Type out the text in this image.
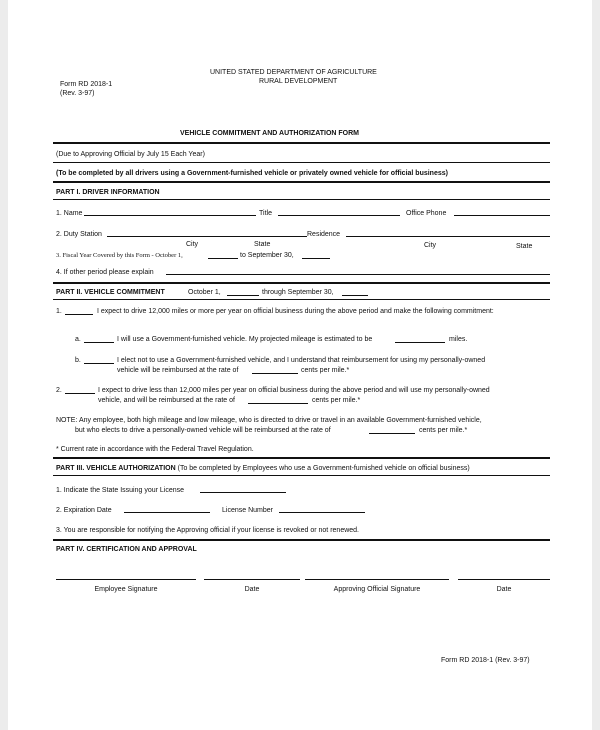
UNITED STATED DEPARTMENT OF AGRICULTURE
RURAL DEVELOPMENT
Form RD 2018-1
(Rev. 3-97)
VEHICLE COMMITMENT AND AUTHORIZATION FORM
(Due to Approving Official by July 15 Each Year)
(To be completed by all drivers using a Government-furnished vehicle or privately owned vehicle for official business)
PART I. DRIVER INFORMATION
1. Name	Title	Office Phone
2. Duty Station	Residence
City	State	City	State
3. Fiscal Year Covered by this Form - October 1,	to September 30,
4. If other period please explain
PART II. VEHICLE COMMITMENT	October 1,	through September 30,
1.	I expect to drive 12,000 miles or more per year on official business during the above period and make the following commitment:
a.	I will use a Government-furnished vehicle. My projected mileage is estimated to be	miles.
b.	I elect not to use a Government-furnished vehicle, and I understand that reimbursement for using my personally-owned
vehicle will be reimbursed at the rate of	cents per mile.*
2.	I expect to drive less than 12,000 miles per year on official business during the above period and will use my personally-owned
vehicle, and will be reimbursed at the rate of	cents per mile.*
NOTE: Any employee, both high mileage and low mileage, who is directed to drive or travel in an available Government-furnished vehicle,
but who elects to drive a personally-owned vehicle will be reimbursed at the rate of	cents per mile.*
* Current rate in accordance with the Federal Travel Regulation.
PART III. VEHICLE AUTHORIZATION (To be completed by Employees who use a Government-furnished vehicle on official business)
1. Indicate the State Issuing your License
2. Expiration Date	License Number
3. You are responsible for notifying the Approving official if your license is revoked or not renewed.
PART IV. CERTIFICATION AND APPROVAL
Employee Signature	Date	Approving Official Signature	Date
Form RD 2018-1 (Rev. 3-97)
